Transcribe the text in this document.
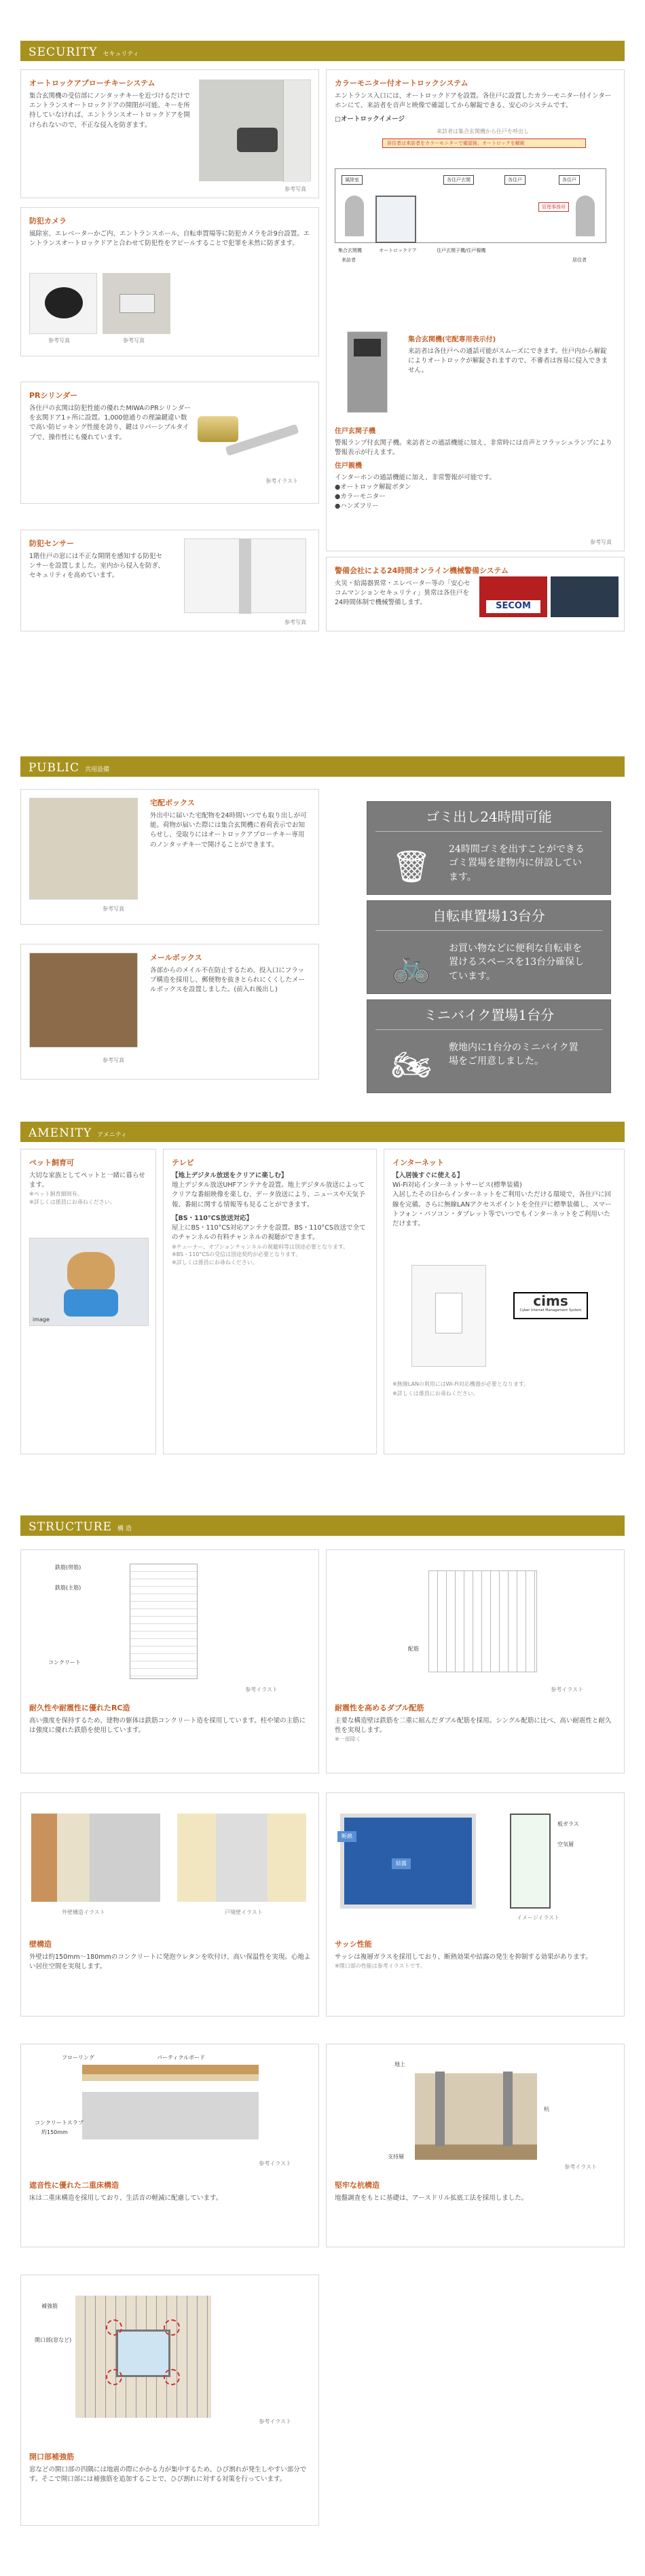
SECURITY セキュリティ
オートロックアプローチキーシステム
集合玄関機の受信部にノンタッチキーを近づけるだけでエントランスオートロックドアの開閉が可能。キーを所持していなければ、エントランスオートロックドアを開けられないので、不正な侵入を防ぎます。
参考写真
防犯カメラ
風除室、エレベーターかご内、エントランスホール、自転車置場等に防犯カメラを計9台設置。エントランスオートロックドアと合わせて防犯性をアピールすることで犯罪を未然に防ぎます。
参考写真	参考写真
PRシリンダー
各住戸の玄関は防犯性能の優れたMIWAのPRシリンダーを玄関ドア1ヶ所に設置。1,000億通りの理論鍵違い数で高い防ピッキング性能を誇り、鍵はリバーシブルタイプで、操作性にも優れています。
参考イラスト
防犯センサー
1階住戸の窓には不正な開閉を感知する防犯センサーを設置しました。室内から侵入を防ぎ、セキュリティを高めています。
参考写真
カラーモニター付オートロックシステム
エントランス入口には、オートロックドアを設置。各住戸に設置したカラーモニター付インターホンにて、来訪者を音声と映像で確認してから解錠できる、安心のシステムです。
□オートロックイメージ
来訪者は集合玄関機から住戸を呼出し
居住者は来訪者をカラーモニターで確認後、オートロックを解錠
風除室	各住戸玄関	各住戸	各住戸
管理事務所
集合玄関機	オートロックドア	住戸玄関子機/住戸親機
来訪者	居住者
集合玄関機(宅配専用表示付)
来訪者は各住戸への通話可能がスムーズにできます。住戸内から解錠によりオートロックが解錠されますので、不審者は容易に侵入できません。
住戸玄関子機
警報ランプ付玄関子機。来訪者との通話機能に加え、非常時には音声とフラッシュランプにより警報表示が行えます。
住戸親機
インターホンの通話機能に加え、非常警報が可能です。
●オートロック解錠ボタン
●カラーモニター
●ハンズフリー
参考写真
警備会社による24時間オンライン機械警備システム
火災・給湯器異常・エレベーター等の「安心セコムマンションセキュリティ」異常は各住戸を24時間体制で機械警備します。	SECOM
PUBLIC 共用設備
宅配ボックス
外出中に届いた宅配物を24時間いつでも取り出しが可能。荷物が届いた際には集合玄関機に着荷表示でお知らせし、受取りにはオートロックアプローチキー専用のノンタッチキーで開けることができます。
参考写真
メールボックス
各部からのメイル不在防止するため、投入口にフラップ構造を採用し、郵便物を抜きとられにくくしたメールボックスを設置しました。(前入れ後出し)
参考写真
ゴミ出し24時間可能
🗑	24時間ゴミを出すことができるゴミ置場を建物内に併設しています。

自転車置場13台分
🚲	お買い物などに便利な自転車を置けるスペースを13台分確保しています。

ミニバイク置場1台分
🏍	敷地内に1台分のミニバイク置場をご用意しました。

AMENITY アメニティ
ペット飼育可
大切な家族としてペットと一緒に暮らせます。
※ペット飼育細則有。
※詳しくは係員にお尋ねください。
image
テレビ
【地上デジタル放送をクリアに楽しむ】
地上デジタル放送UHFアンテナを設置。地上デジタル放送によってクリアな番組映像を楽しむ、データ放送により、ニュースや天気予報、番組に関する情報等も見ることができます。
【BS・110°CS放送対応】
屋上にBS・110°CS対応アンテナを設置。BS・110°CS放送で全てのチャンネルの有料チャンネルの視聴ができます。
※チューナー、オプションチャンネルの視聴料等は別途必要となります。
※BS・110°CSの受信は別途契約が必要となります。
※詳しくは係員にお尋ねください。
インターネット
【入居後すぐに使える】
Wi-Fi対応インターネットサービス(標準装備)
入居したその日からインターネットをご利用いただける環境で、各住戸に回線を完備。さらに無線LANアクセスポイントを全住戸に標準装備し、スマートフォン・パソコン・タブレット等でいつでもインターネットをご利用いただけます。
cims
Cyber Internet Management System
※無線LANの利用にはWi-Fi対応機器が必要となります。
※詳しくは係員にお尋ねください。
STRUCTURE 構 造
鉄筋(帯筋)
鉄筋(主筋)
コンクリート
参考イラスト
耐久性や耐震性に優れたRC造
高い強度を保持するため、建物の躯体は鉄筋コンクリート造を採用しています。柱や梁の主筋には強度に優れた鉄筋を使用しています。
配筋
参考イラスト
耐震性を高めるダブル配筋
主要な構造壁は鉄筋を二重に組んだダブル配筋を採用。シングル配筋に比べ、高い耐震性と耐久性を実現します。
※一部除く
外壁構造イラスト	戸境壁イラスト
壁構造
外壁は約150mm〜180mmのコンクリートに発泡ウレタンを吹付け、高い保温性を実現。心地よい居住空間を実現します。
断熱
結露
板ガラス
空気層
イメージイラスト
サッシ性能
サッシは複層ガラスを採用しており、断熱効果や結露の発生を抑制する効果があります。
※開口部の性能は参考イラストです。
フローリング	パーティクルボード
コンクリートスラブ
約150mm
参考イラスト
遮音性に優れた二重床構造
床は二重床構造を採用しており、生活音の軽減に配慮しています。
地上
支持層
杭
参考イラスト
堅牢な杭構造
地盤調査をもとに基礎は、アースドリル拡底工法を採用しました。
補強筋
開口部(窓など)
参考イラスト
開口部補強筋
窓などの開口部の四隅には地震の際にかかる力が集中するため、ひび割れが発生しやすい部分です。そこで開口部には補強筋を追加することで、ひび割れに対する対策を行っています。
